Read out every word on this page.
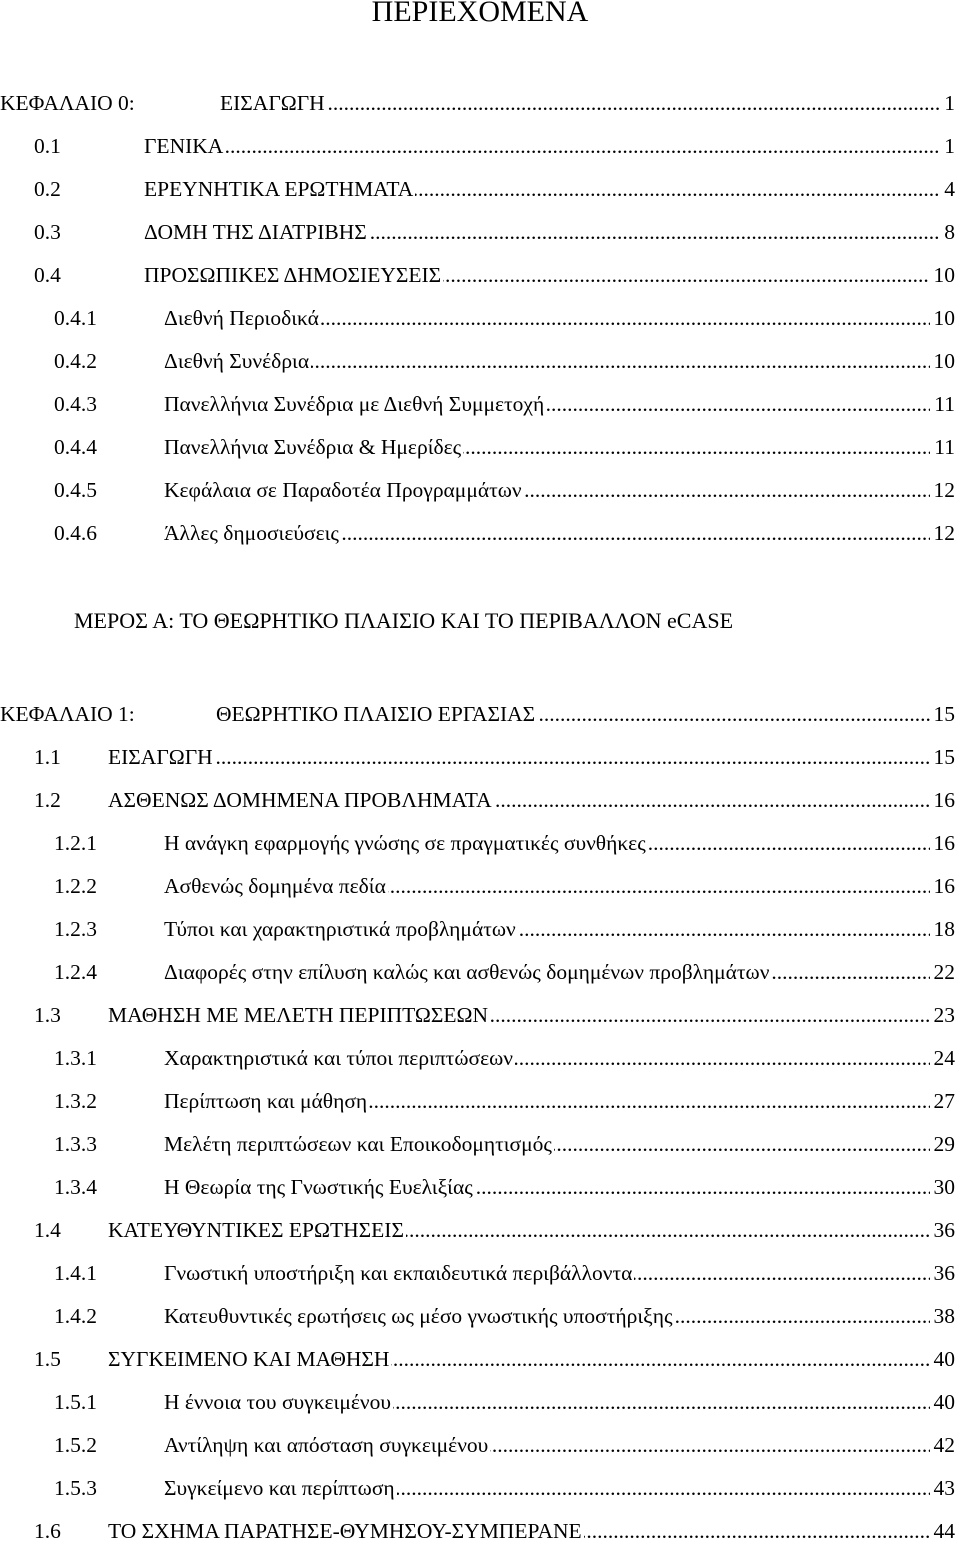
ΠΕΡΙΕΧΟΜΕΝΑ
ΚΕΦΑΛΑΙΟ 0:	ΕΙΣΑΓΩΓΗ .....	1
0.1	ΓΕΝΙΚΑ .....	1
0.2	ΕΡΕΥΝΗΤΙΚΑ ΕΡΩΤΗΜΑΤΑ .....	4
0.3	ΔΟΜΗ ΤΗΣ ΔΙΑΤΡΙΒΗΣ .....	8
0.4	ΠΡΟΣΩΠΙΚΕΣ ΔΗΜΟΣΙΕΥΣΕΙΣ .....	10
0.4.1	Διεθνή Περιοδικά .....	10
0.4.2	Διεθνή Συνέδρια .....	10
0.4.3	Πανελλήνια Συνέδρια με Διεθνή Συμμετοχή .....	11
0.4.4	Πανελλήνια Συνέδρια & Ημερίδες .....	11
0.4.5	Κεφάλαια σε Παραδοτέα Προγραμμάτων .....	12
0.4.6	Άλλες δημοσιεύσεις .....	12
ΚΕΦΑΛΑΙΟ 1:	ΘΕΩΡΗΤΙΚΟ ΠΛΑΙΣΙΟ ΕΡΓΑΣΙΑΣ .....	15
1.1 ΕΙΣΑΓΩΓΗ .....	15
1.2 ΑΣΘΕΝΩΣ ΔΟΜΗΜΕΝΑ ΠΡΟΒΛΗΜΑΤΑ .....	16
1.2.1	Η ανάγκη εφαρμογής γνώσης σε πραγματικές συνθήκες .....	16
1.2.2	Ασθενώς δομημένα πεδία .....	16
1.2.3	Τύποι και χαρακτηριστικά προβλημάτων .....	18
1.2.4	Διαφορές στην επίλυση καλώς και ασθενώς δομημένων προβλημάτων .....	22
1.3 ΜΑΘΗΣΗ ΜΕ ΜΕΛΕΤΗ ΠΕΡΙΠΤΩΣΕΩΝ .....	23
1.3.1	Χαρακτηριστικά και τύποι περιπτώσεων .....	24
1.3.2	Περίπτωση και μάθηση .....	27
1.3.3	Μελέτη περιπτώσεων και Εποικοδομητισμός .....	29
1.3.4	Η Θεωρία της Γνωστικής Ευελιξίας .....	30
1.4 ΚΑΤΕΥΘΥΝΤΙΚΕΣ ΕΡΩΤΗΣΕΙΣ .....	36
1.4.1	Γνωστική υποστήριξη και εκπαιδευτικά περιβάλλοντα .....	36
1.4.2	Κατευθυντικές ερωτήσεις ως μέσο γνωστικής υποστήριξης .....	38
1.5 ΣΥΓΚΕΙΜΕΝΟ ΚΑΙ ΜΑΘΗΣΗ .....	40
1.5.1	Η έννοια του συγκειμένου .....	40
1.5.2	Αντίληψη και απόσταση συγκειμένου .....	42
1.5.3	Συγκείμενο και περίπτωση .....	43
1.6 ΤΟ ΣΧΗΜΑ ΠΑΡΑΤΗΣΕ-ΘΥΜΗΣΟΥ-ΣΥΜΠΕΡΑΝΕ .....	44
ΜΕΡΟΣ Α: ΤΟ ΘΕΩΡΗΤΙΚΟ ΠΛΑΙΣΙΟ ΚΑΙ ΤΟ ΠΕΡΙΒΑΛΛΟΝ eCASE
